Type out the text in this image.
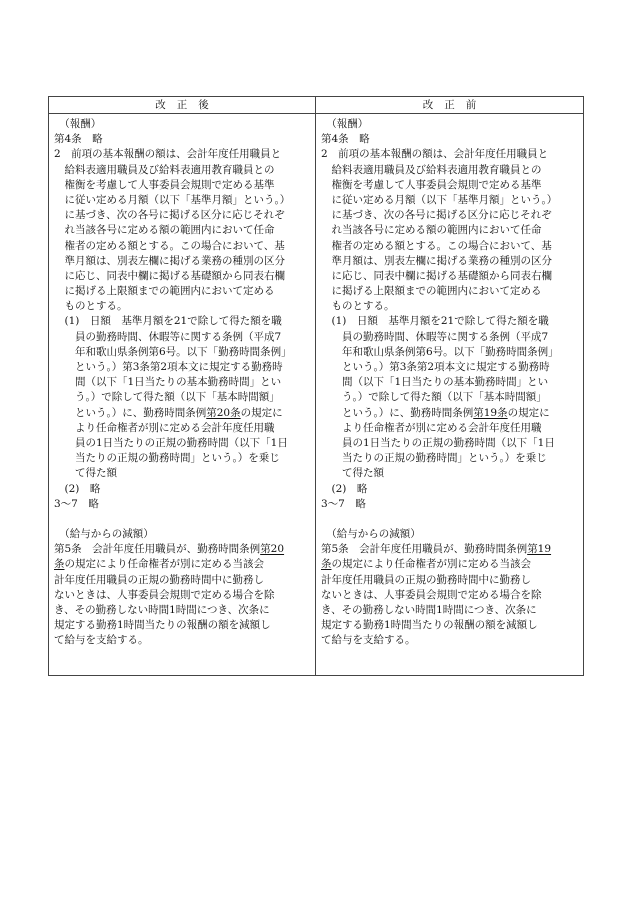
改正後
　（報酬）
第4条　略
2　前項の基本報酬の額は、会計年度任用職員と
　給料表適用職員及び給料表適用教育職員との
　権衡を考慮して人事委員会規則で定める基準
　に従い定める月額（以下「基準月額」という。）
　に基づき、次の各号に掲げる区分に応じそれぞ
　れ当該各号に定める額の範囲内において任命
　権者の定める額とする。この場合において、基
　準月額は、別表左欄に掲げる業務の種別の区分
　に応じ、同表中欄に掲げる基礎額から同表右欄
　に掲げる上限額までの範囲内において定める
　ものとする。
　(1)　日額　基準月額を21で除して得た額を職
　　員の勤務時間、休暇等に関する条例（平成7
　　年和歌山県条例第6号。以下「勤務時間条例」
　　という。）第3条第2項本文に規定する勤務時
　　間（以下「1日当たりの基本勤務時間」とい
　　う。）で除して得た額（以下「基本時間額」
　　という。）に、勤務時間条例第20条の規定に
　　より任命権者が別に定める会計年度任用職
　　員の1日当たりの正規の勤務時間（以下「1日
　　当たりの正規の勤務時間」という。）を乗じ
　　て得た額
　(2)　略
3〜7　略
　（給与からの減額）
第5条　会計年度任用職員が、勤務時間条例第20
条の規定により任命権者が別に定める当該会
計年度任用職員の正規の勤務時間中に勤務し
ないときは、人事委員会規則で定める場合を除
き、その勤務しない時間1時間につき、次条に
規定する勤務1時間当たりの報酬の額を減額し
て給与を支給する。
改正前
　（報酬）
第4条　略
2　前項の基本報酬の額は、会計年度任用職員と
　給料表適用職員及び給料表適用教育職員との
　権衡を考慮して人事委員会規則で定める基準
　に従い定める月額（以下「基準月額」という。）
　に基づき、次の各号に掲げる区分に応じそれぞ
　れ当該各号に定める額の範囲内において任命
　権者の定める額とする。この場合において、基
　準月額は、別表左欄に掲げる業務の種別の区分
　に応じ、同表中欄に掲げる基礎額から同表右欄
　に掲げる上限額までの範囲内において定める
　ものとする。
　(1)　日額　基準月額を21で除して得た額を職
　　員の勤務時間、休暇等に関する条例（平成7
　　年和歌山県条例第6号。以下「勤務時間条例」
　　という。）第3条第2項本文に規定する勤務時
　　間（以下「1日当たりの基本勤務時間」とい
　　う。）で除して得た額（以下「基本時間額」
　　という。）に、勤務時間条例第19条の規定に
　　より任命権者が別に定める会計年度任用職
　　員の1日当たりの正規の勤務時間（以下「1日
　　当たりの正規の勤務時間」という。）を乗じ
　　て得た額
　(2)　略
3〜7　略
　（給与からの減額）
第5条　会計年度任用職員が、勤務時間条例第19
条の規定により任命権者が別に定める当該会
計年度任用職員の正規の勤務時間中に勤務し
ないときは、人事委員会規則で定める場合を除
き、その勤務しない時間1時間につき、次条に
規定する勤務1時間当たりの報酬の額を減額し
て給与を支給する。
